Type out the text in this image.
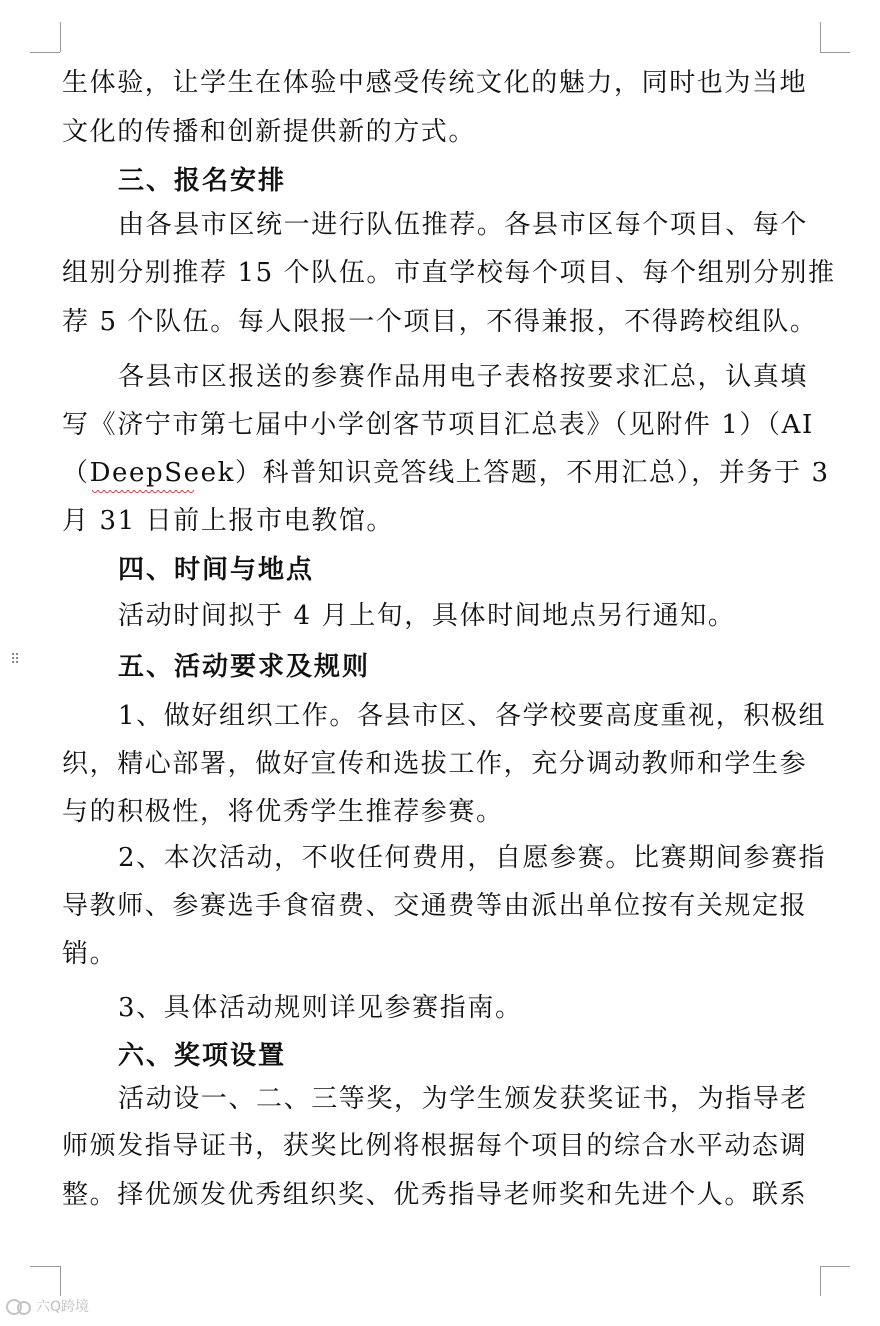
⠿
生体验，让学生在体验中感受传统文化的魅力，同时也为当地
文化的传播和创新提供新的方式。
三、报名安排
由各县市区统一进行队伍推荐。各县市区每个项目、每个
组别分别推荐 15 个队伍。市直学校每个项目、每个组别分别推
荐 5 个队伍。每人限报一个项目，不得兼报，不得跨校组队。
各县市区报送的参赛作品用电子表格按要求汇总，认真填
写《济宁市第七届中小学创客节项目汇总表》（见附件 1）（AI
（DeepSeek）科普知识竞答线上答题，不用汇总），并务于 3
月 31 日前上报市电教馆。
四、时间与地点
活动时间拟于 4 月上旬，具体时间地点另行通知。
五、活动要求及规则
1、做好组织工作。各县市区、各学校要高度重视，积极组
织，精心部署，做好宣传和选拔工作，充分调动教师和学生参
与的积极性，将优秀学生推荐参赛。
2、本次活动，不收任何费用，自愿参赛。比赛期间参赛指
导教师、参赛选手食宿费、交通费等由派出单位按有关规定报
销。
3、具体活动规则详见参赛指南。
六、奖项设置
活动设一、二、三等奖，为学生颁发获奖证书，为指导老
师颁发指导证书，获奖比例将根据每个项目的综合水平动态调
整。择优颁发优秀组织奖、优秀指导老师奖和先进个人。联系
六Q跨境
